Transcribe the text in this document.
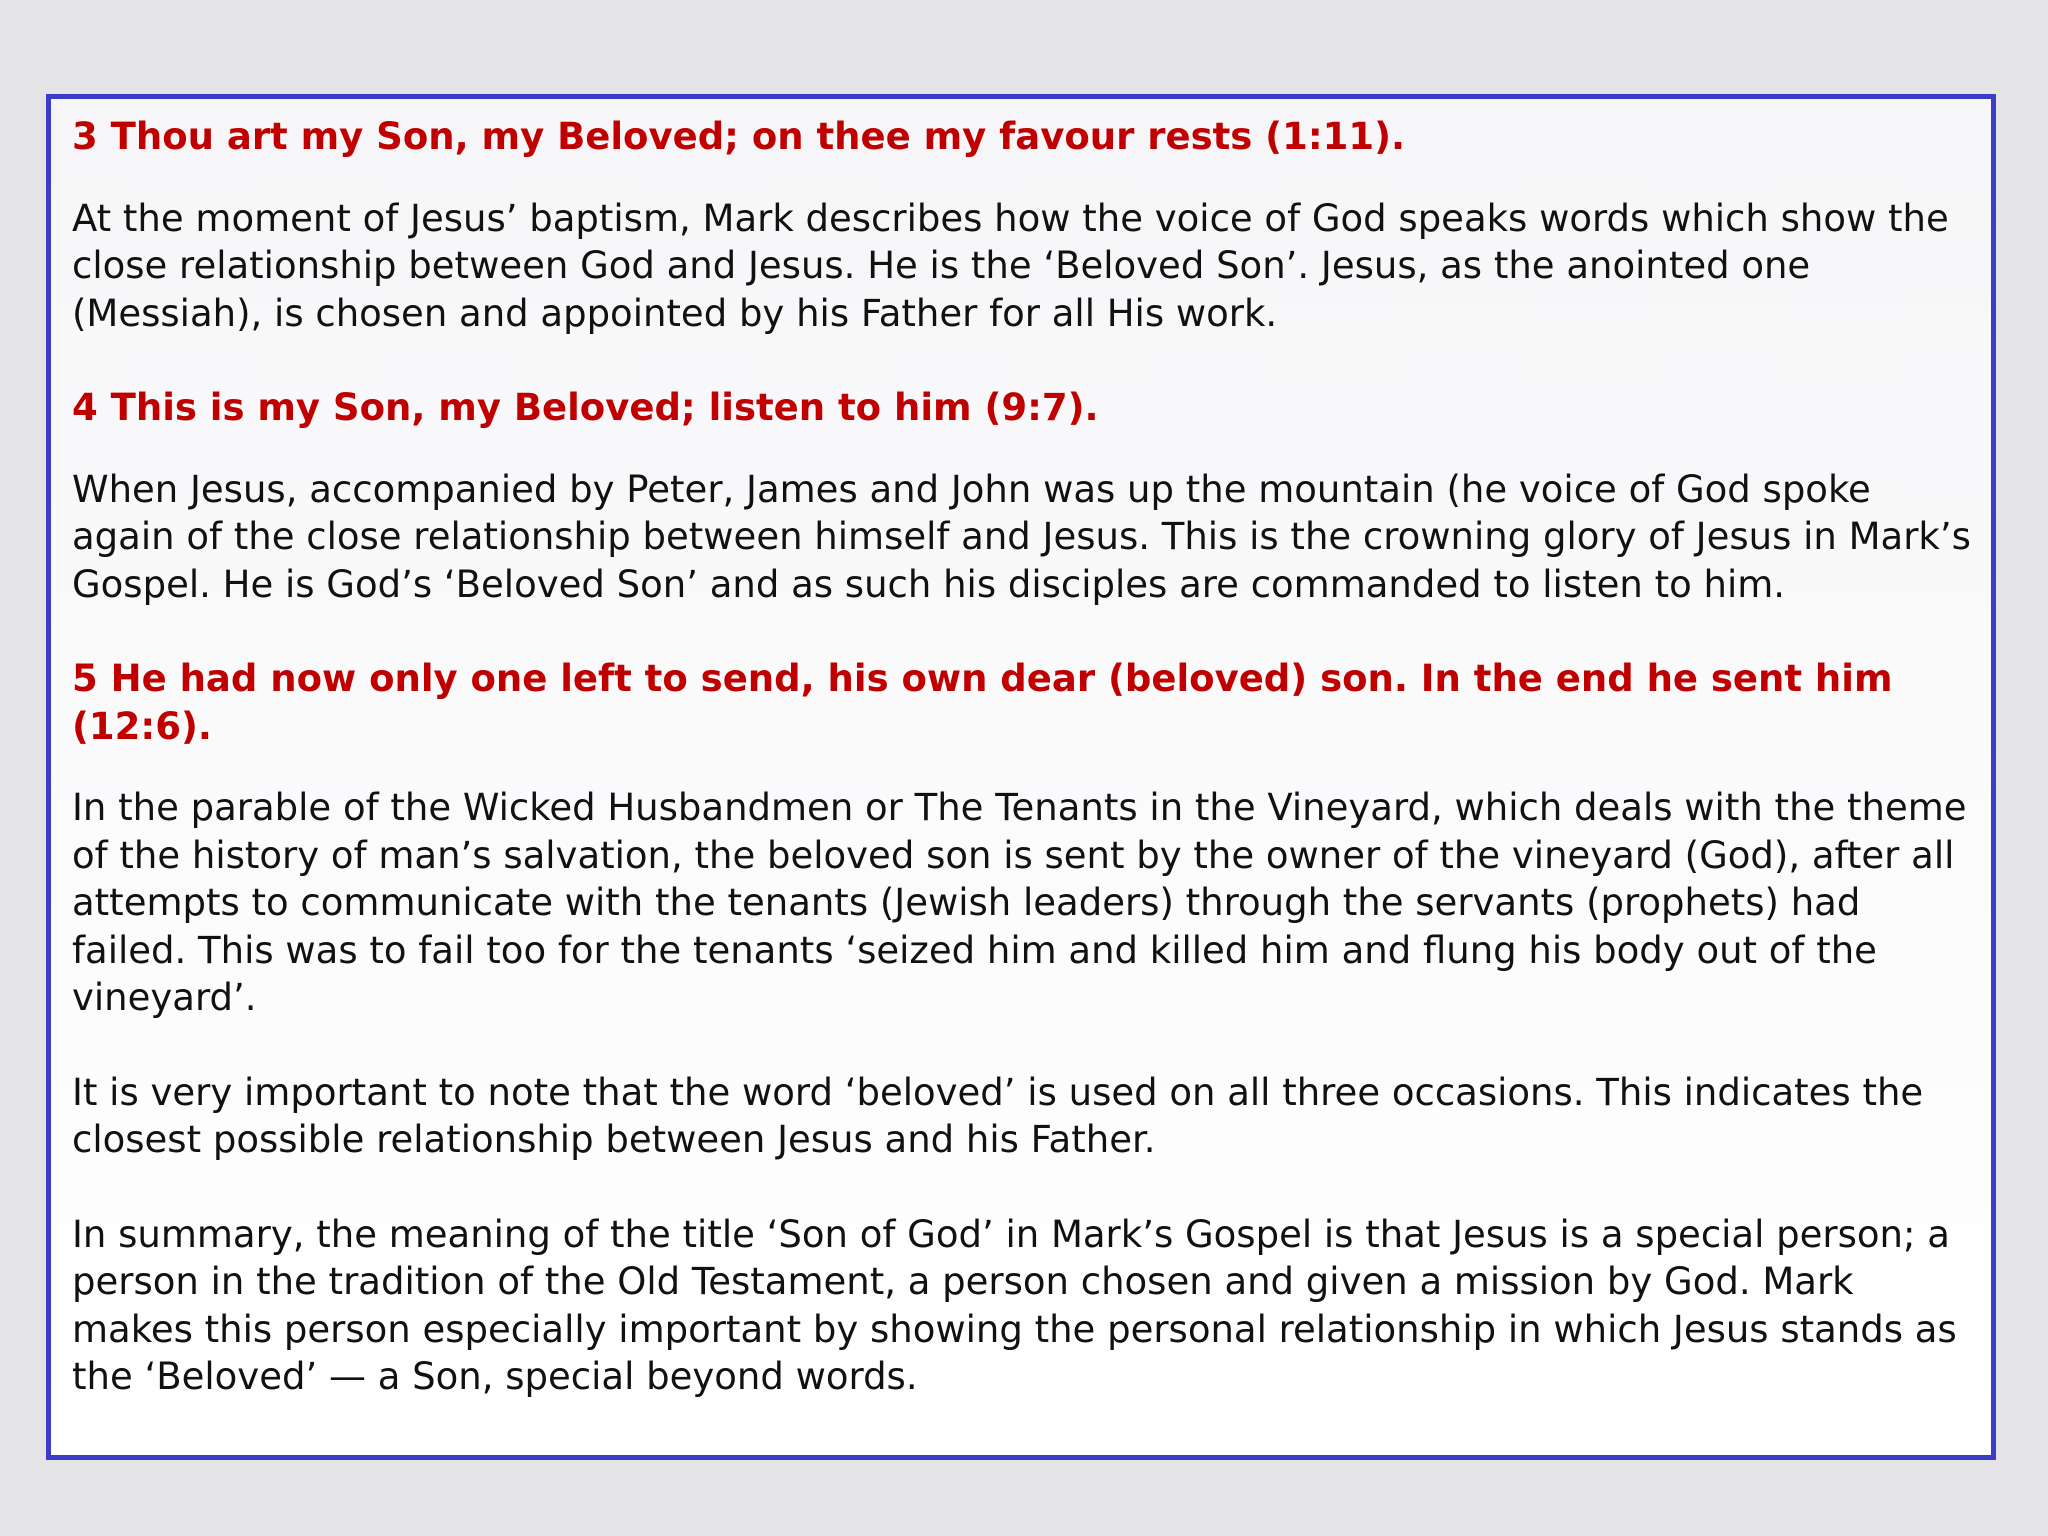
3 Thou art my Son, my Beloved; on thee my favour rests (1:11).

At the moment of Jesus’ baptism, Mark describes how the voice of God speaks words which show the close relationship between God and Jesus. He is the ‘Beloved Son’. Jesus, as the anointed one (Messiah), is chosen and appointed by his Father for all His work.

4 This is my Son, my Beloved; listen to him (9:7).

When Jesus, accompanied by Peter, James and John was up the mountain (he voice of God spoke again of the close relationship between himself and Jesus. This is the crowning glory of Jesus in Mark’s Gospel. He is God’s ‘Beloved Son’ and as such his disciples are commanded to listen to him.

5 He had now only one left to send, his own dear (beloved) son. In the end he sent him (12:6).

In the parable of the Wicked Husbandmen or The Tenants in the Vineyard, which deals with the theme of the history of man’s salvation, the beloved son is sent by the owner of the vineyard (God), after all attempts to communicate with the tenants (Jewish leaders) through the servants (prophets) had failed. This was to fail too for the tenants ‘seized him and killed him and flung his body out of the vineyard’.

It is very important to note that the word ‘beloved’ is used on all three occasions. This indicates the closest possible relationship between Jesus and his Father.

In summary, the meaning of the title ‘Son of God’ in Mark’s Gospel is that Jesus is a special person; a person in the tradition of the Old Testament, a person chosen and given a mission by God. Mark makes this person especially important by showing the personal relationship in which Jesus stands as the ‘Beloved’ — a Son, special beyond words.
